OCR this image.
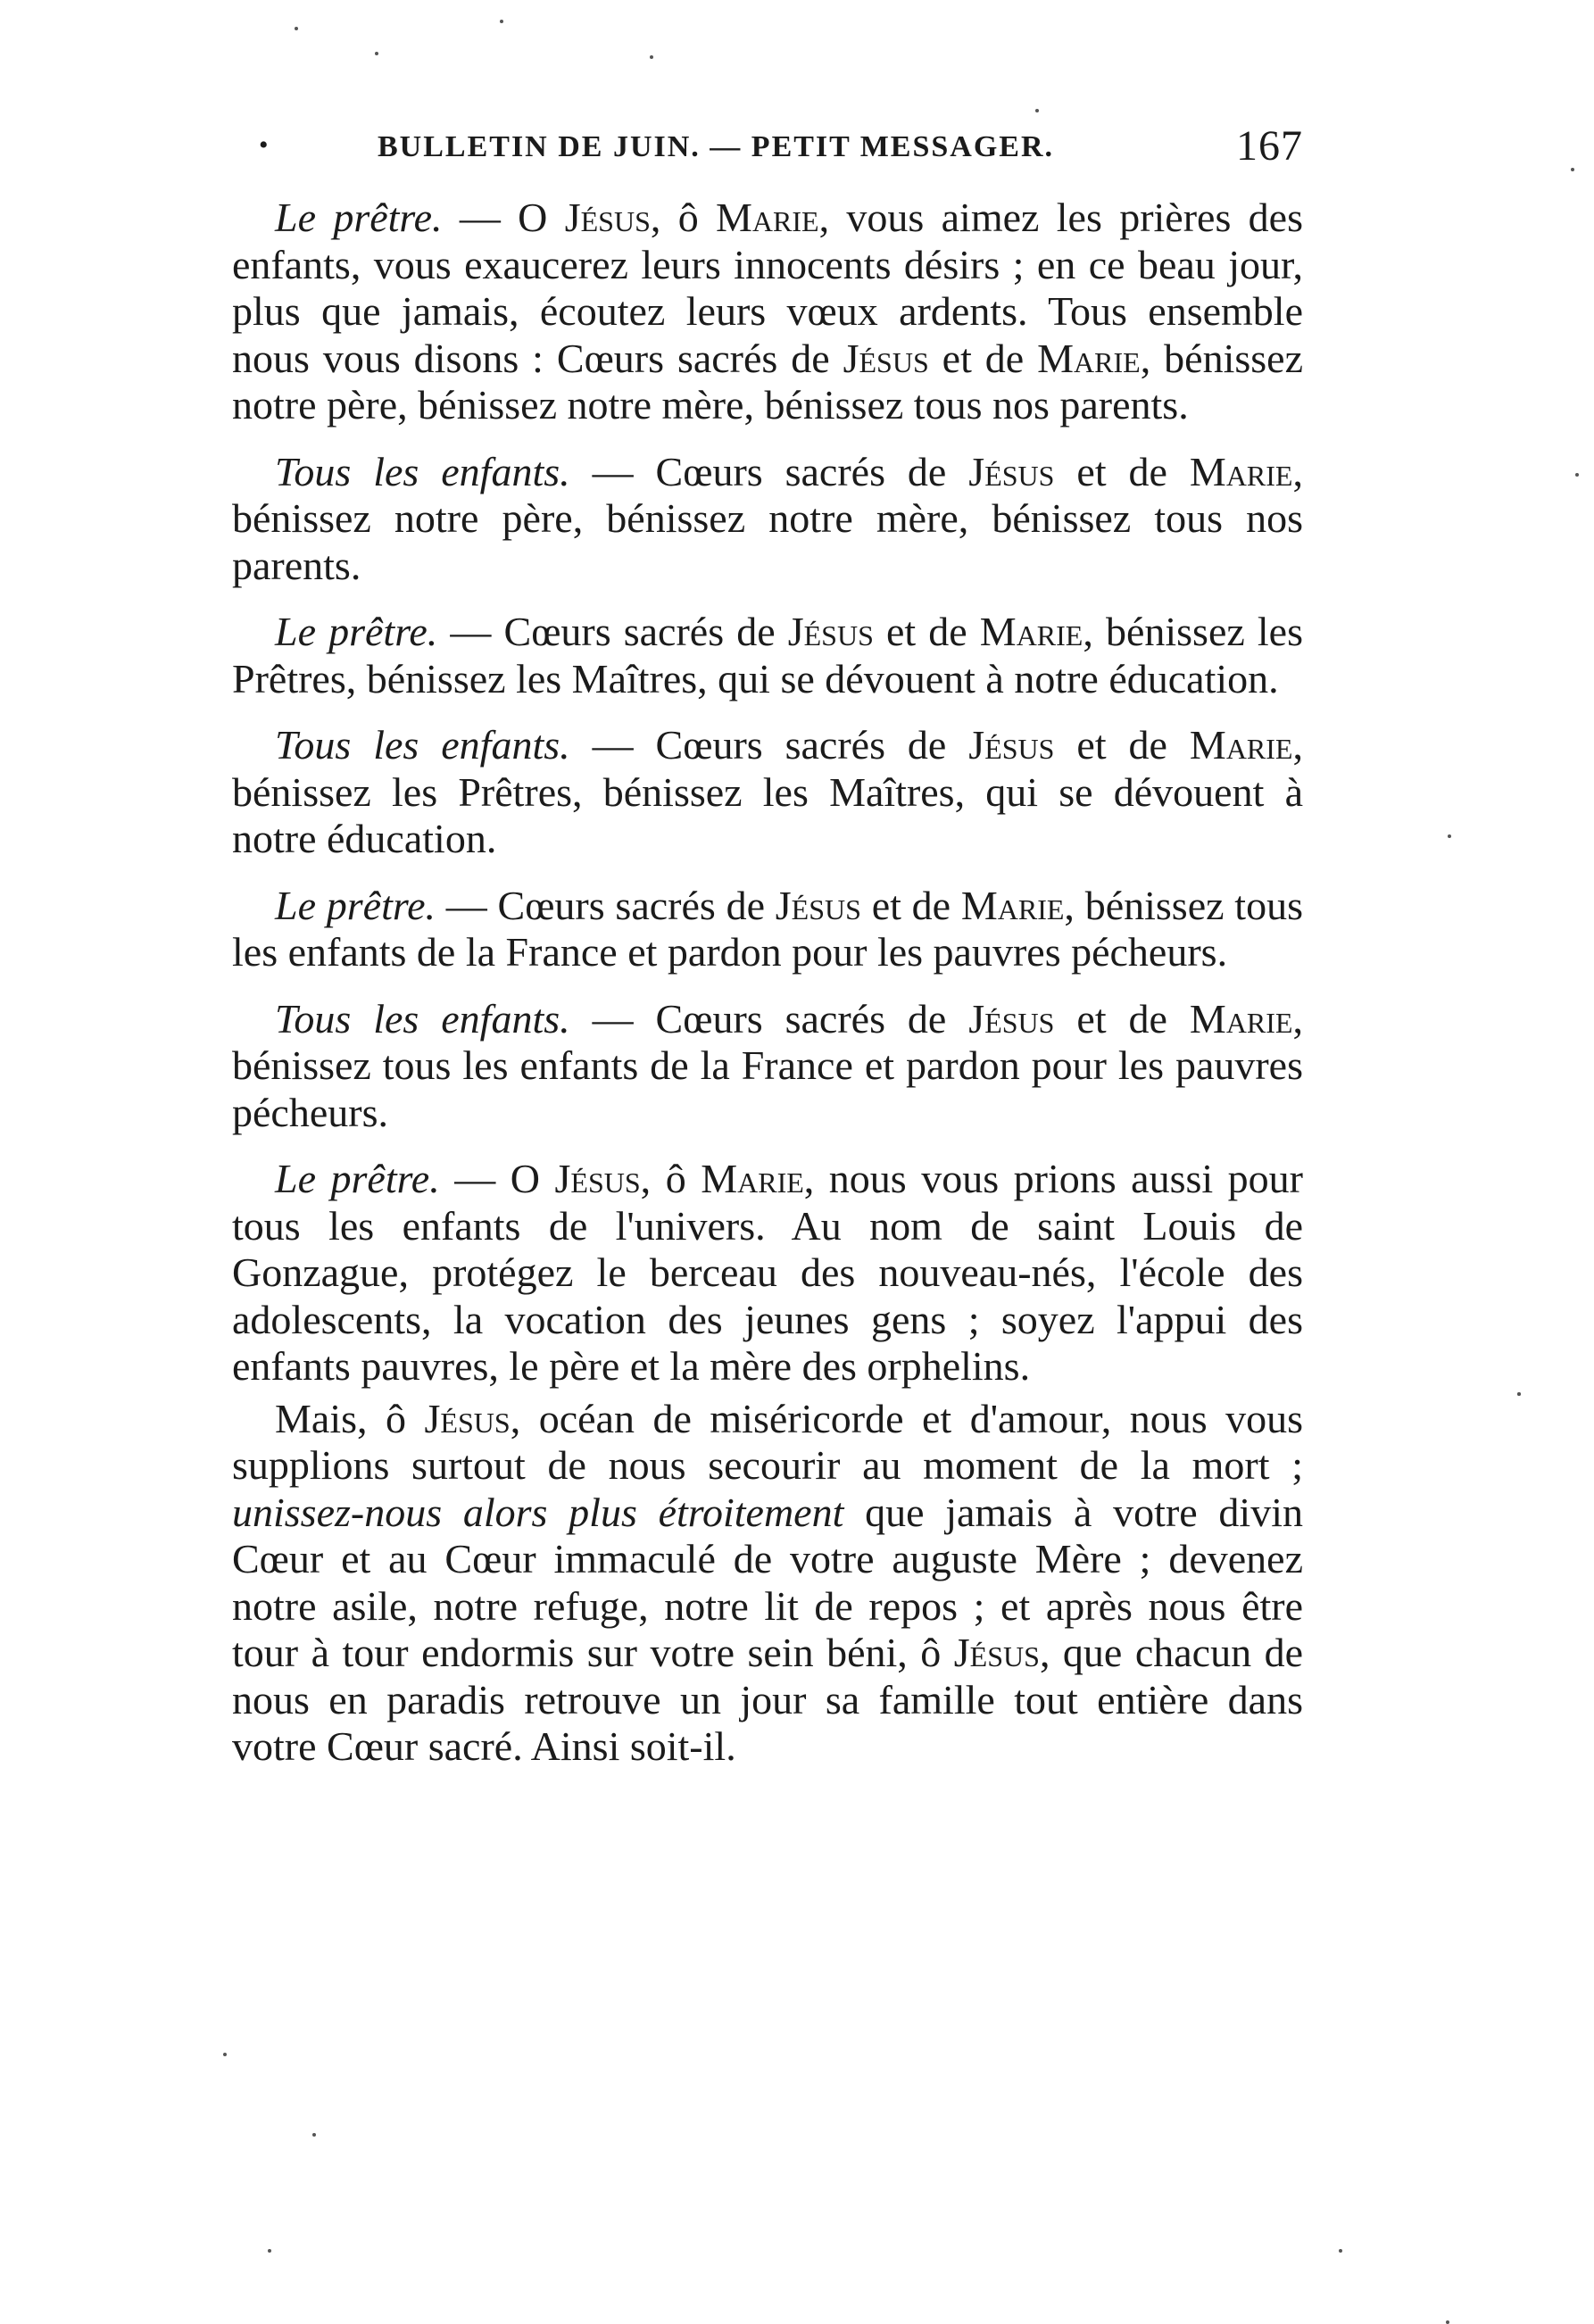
•	BULLETIN DE JUIN. — PETIT MESSAGER.	167

Le prêtre. — O Jésus, ô Marie, vous aimez les prières des enfants, vous exaucerez leurs innocents désirs ; en ce beau jour, plus que jamais, écoutez leurs vœux ardents. Tous ensemble nous vous disons : Cœurs sacrés de Jésus et de Marie, bénissez notre père, bénissez notre mère, bénissez tous nos parents.

Tous les enfants. — Cœurs sacrés de Jésus et de Marie, bénissez notre père, bénissez notre mère, bénissez tous nos parents.

Le prêtre. — Cœurs sacrés de Jésus et de Marie, bénissez les Prêtres, bénissez les Maîtres, qui se dévouent à notre éducation.

Tous les enfants. — Cœurs sacrés de Jésus et de Marie, bénissez les Prêtres, bénissez les Maîtres, qui se dévouent à notre éducation.

Le prêtre. — Cœurs sacrés de Jésus et de Marie, bénissez tous les enfants de la France et pardon pour les pauvres pécheurs.

Tous les enfants. — Cœurs sacrés de Jésus et de Marie, bénissez tous les enfants de la France et pardon pour les pauvres pécheurs.

Le prêtre. — O Jésus, ô Marie, nous vous prions aussi pour tous les enfants de l'univers. Au nom de saint Louis de Gonzague, protégez le berceau des nouveau-nés, l'école des adolescents, la vocation des jeunes gens ; soyez l'appui des enfants pauvres, le père et la mère des orphelins.

Mais, ô Jésus, océan de miséricorde et d'amour, nous vous supplions surtout de nous secourir au moment de la mort ; unissez-nous alors plus étroitement que jamais à votre divin Cœur et au Cœur immaculé de votre auguste Mère ; devenez notre asile, notre refuge, notre lit de repos ; et après nous être tour à tour endormis sur votre sein béni, ô Jésus, que chacun de nous en paradis retrouve un jour sa famille tout entière dans votre Cœur sacré. Ainsi soit-il.
